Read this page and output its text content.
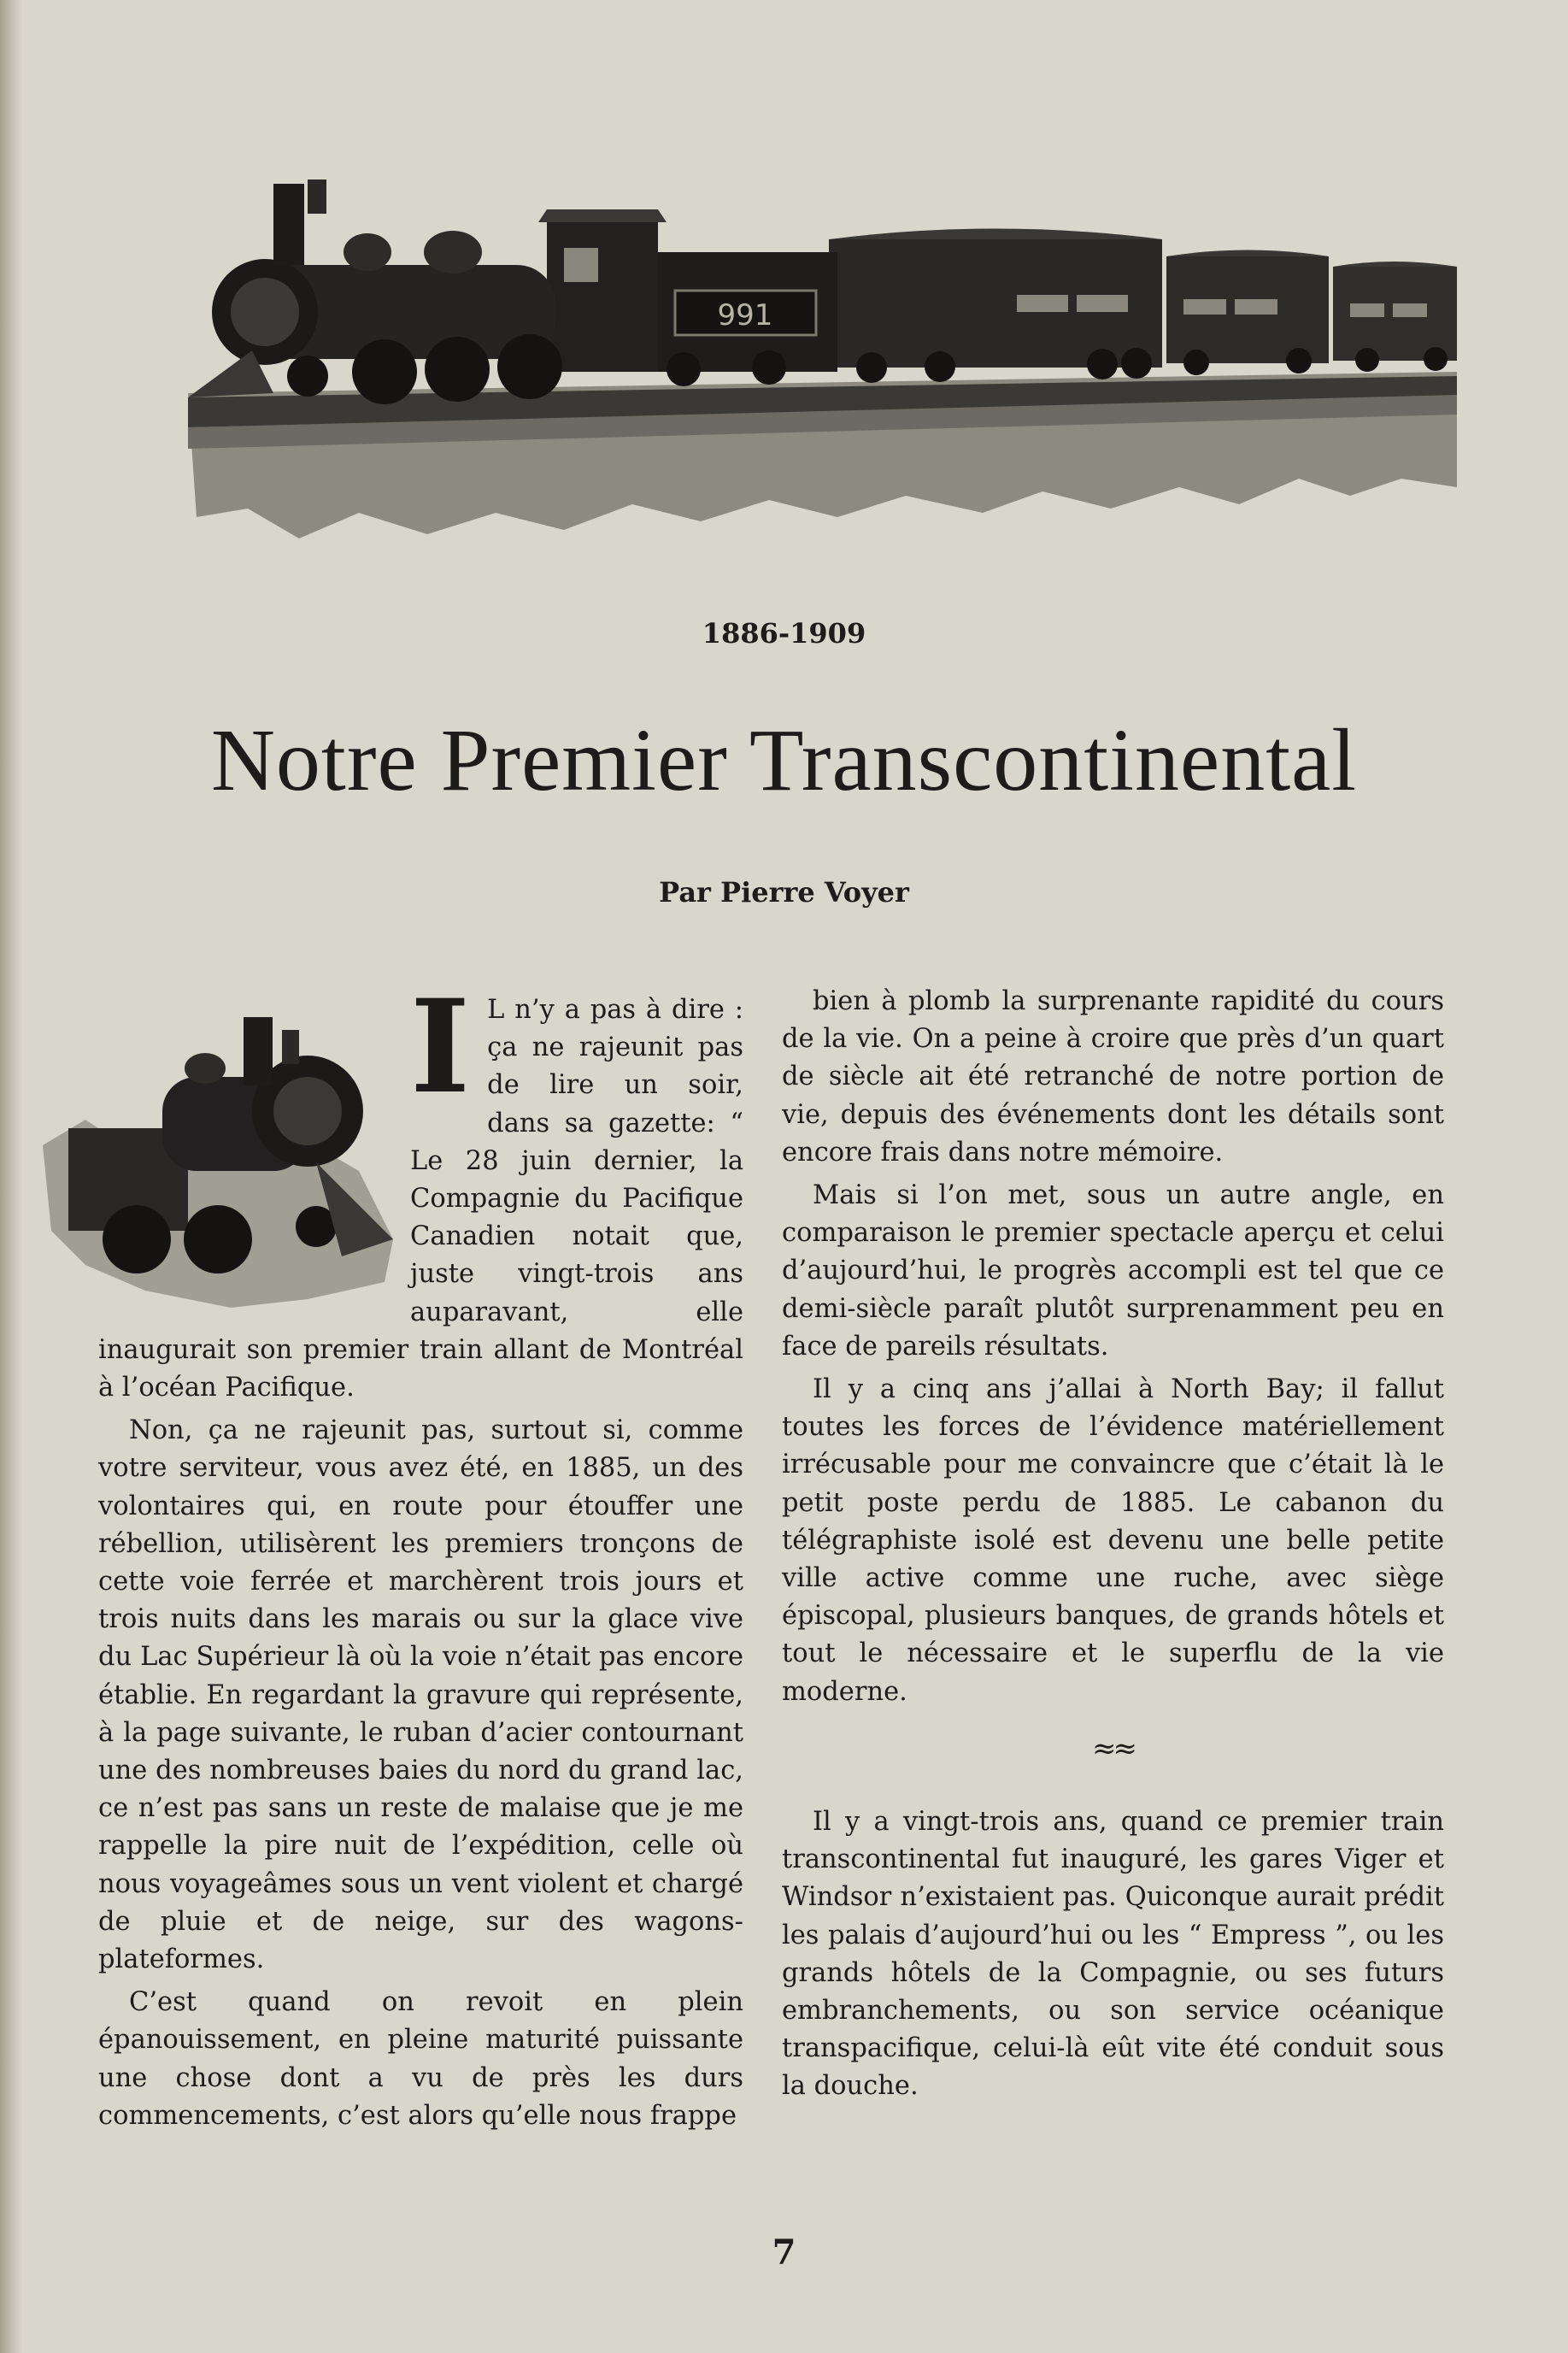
991
1886-1909
Notre Premier Transcontinental
Par Pierre Voyer
I L n’y a pas à dire : ça ne rajeunit pas de lire un soir, dans sa gazette: “ Le 28 juin dernier, la Compagnie du Pacifique Canadien notait que, juste vingt-trois ans auparavant, elle inaugurait son premier train allant de Montréal à l’océan Pacifique.

Non, ça ne rajeunit pas, surtout si, comme votre serviteur, vous avez été, en 1885, un des volontaires qui, en route pour étouffer une rébellion, utilisèrent les premiers tronçons de cette voie ferrée et marchèrent trois jours et trois nuits dans les marais ou sur la glace vive du Lac Supérieur là où la voie n’était pas encore établie. En regardant la gravure qui représente, à la page suivante, le ruban d’acier contournant une des nombreuses baies du nord du grand lac, ce n’est pas sans un reste de malaise que je me rappelle la pire nuit de l’expédition, celle où nous voyageâmes sous un vent violent et chargé de pluie et de neige, sur des wagons-plateformes.

C’est quand on revoit en plein épanouissement, en pleine maturité puissante une chose dont a vu de près les durs commencements, c’est alors qu’elle nous frappe

bien à plomb la surprenante rapidité du cours de la vie. On a peine à croire que près d’un quart de siècle ait été retranché de notre portion de vie, depuis des événements dont les détails sont encore frais dans notre mémoire.

Mais si l’on met, sous un autre angle, en comparaison le premier spectacle aperçu et celui d’aujourd’hui, le progrès accompli est tel que ce demi-siècle paraît plutôt surprenamment peu en face de pareils résultats.

Il y a cinq ans j’allai à North Bay; il fallut toutes les forces de l’évidence matériellement irrécusable pour me convaincre que c’était là le petit poste perdu de 1885. Le cabanon du télégraphiste isolé est devenu une belle petite ville active comme une ruche, avec siège épiscopal, plusieurs banques, de grands hôtels et tout le nécessaire et le superflu de la vie moderne.

≈≈

Il y a vingt-trois ans, quand ce premier train transcontinental fut inauguré, les gares Viger et Windsor n’existaient pas. Quiconque aurait prédit les palais d’aujourd’hui ou les “ Empress ”, ou les grands hôtels de la Compagnie, ou ses futurs embranchements, ou son service océanique transpacifique, celui-là eût vite été conduit sous la douche.

7
